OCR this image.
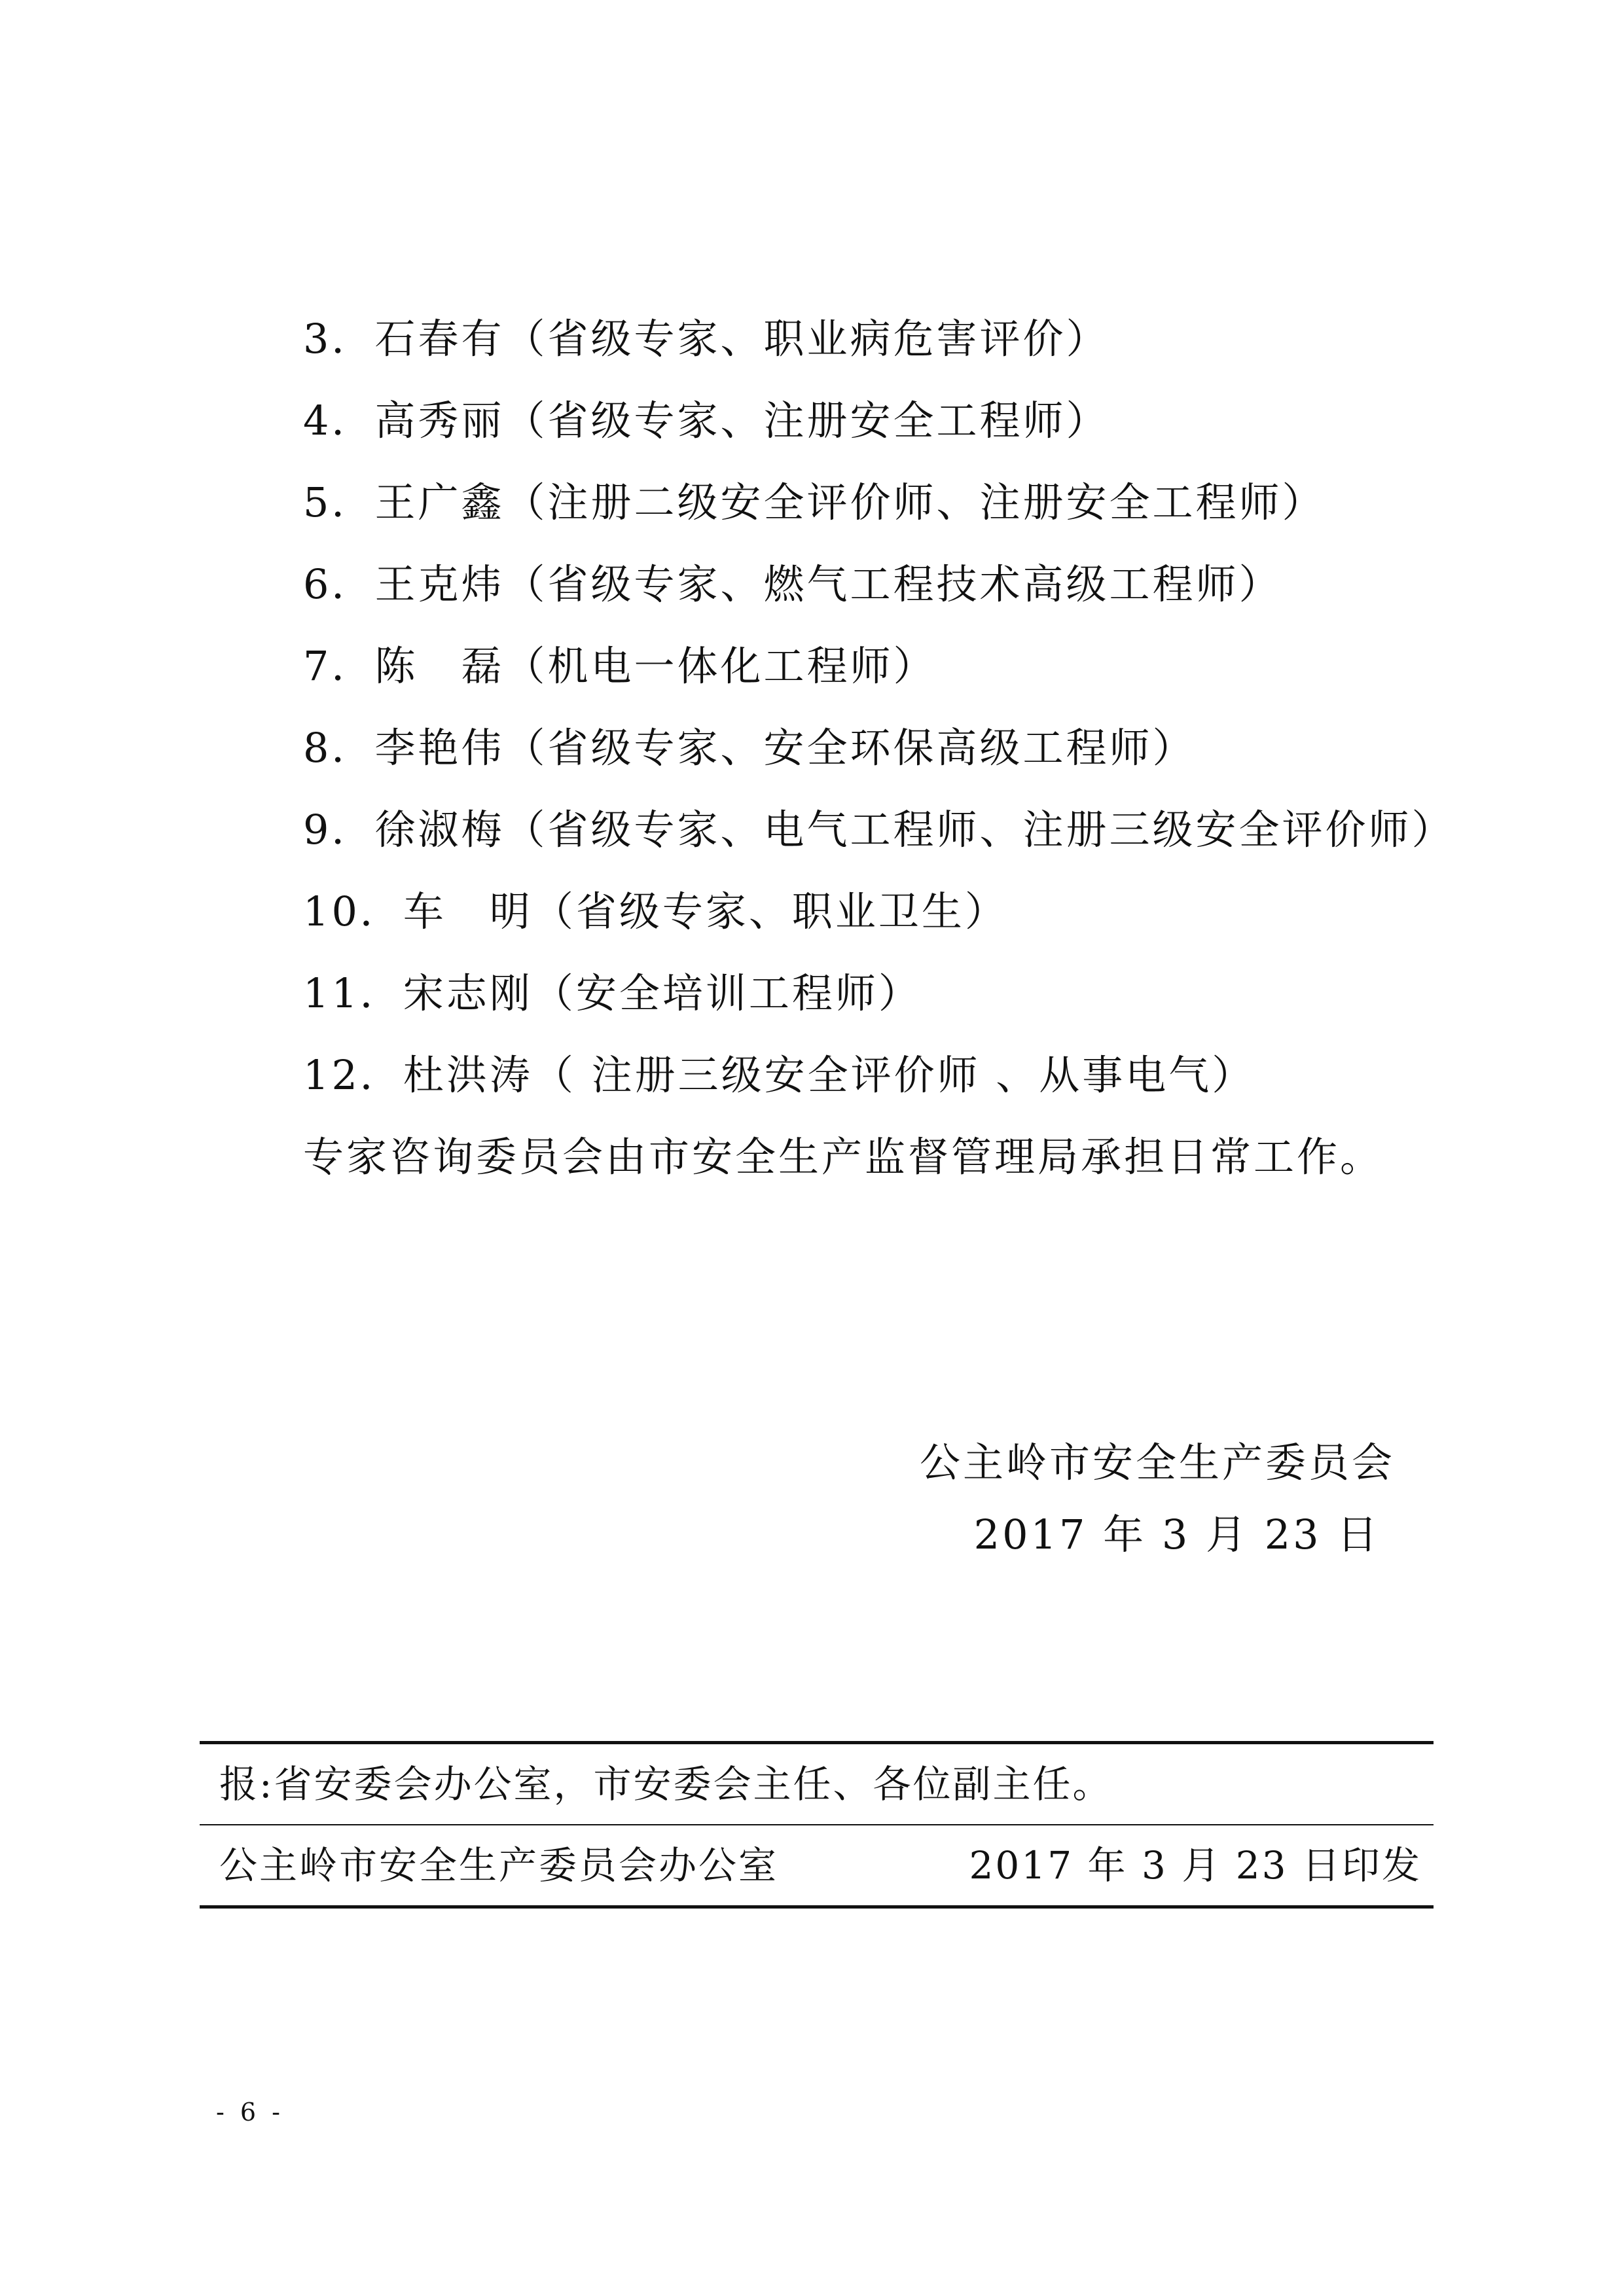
3．石春有（省级专家、职业病危害评价）
4．高秀丽（省级专家、注册安全工程师）
5．王广鑫（注册二级安全评价师、注册安全工程师）
6．王克炜（省级专家、燃气工程技术高级工程师）
7．陈　磊（机电一体化工程师）
8．李艳伟（省级专家、安全环保高级工程师）
9．徐淑梅（省级专家、电气工程师、注册三级安全评价师）
10．车　明（省级专家、职业卫生）
11．宋志刚（安全培训工程师）
12．杜洪涛（ 注册三级安全评价师 、从事电气）

专家咨询委员会由市安全生产监督管理局承担日常工作。

公主岭市安全生产委员会
2017 年 3 月 23 日
报:省安委会办公室，市安委会主任、各位副主任。
公主岭市安全生产委员会办公室	2017 年 3 月 23 日印发
- 6 -
